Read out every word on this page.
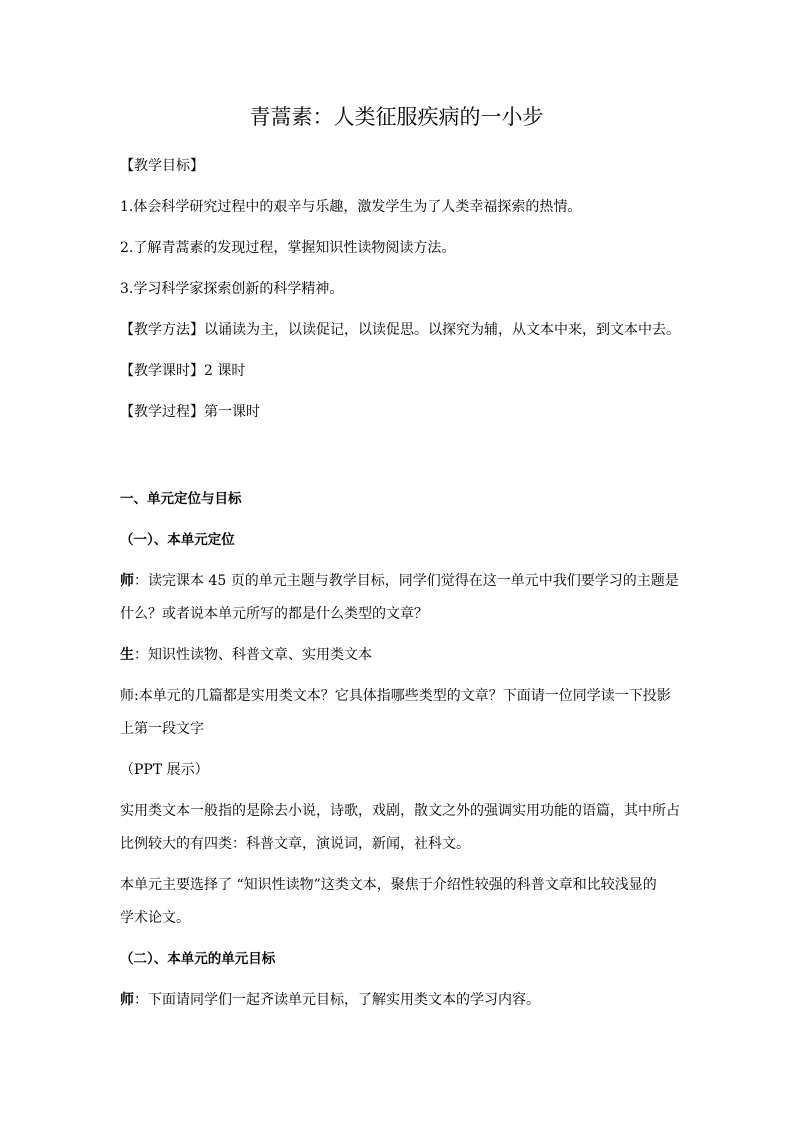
青蒿素：人类征服疾病的一小步
【教学目标】
1.体会科学研究过程中的艰辛与乐趣，激发学生为了人类幸福探索的热情。
2.了解青蒿素的发现过程，掌握知识性读物阅读方法。
3.学习科学家探索创新的科学精神。
【教学方法】以诵读为主，以读促记，以读促思。以探究为辅，从文本中来，到文本中去。
【教学课时】2 课时
【教学过程】第一课时
一、单元定位与目标
（一）、本单元定位
师：读完课本 45 页的单元主题与教学目标，同学们觉得在这一单元中我们要学习的主题是
什么？或者说本单元所写的都是什么类型的文章？
生：知识性读物、科普文章、实用类文本
师:本单元的几篇都是实用类文本？它具体指哪些类型的文章？下面请一位同学读一下投影
上第一段文字
（PPT 展示）
实用类文本一般指的是除去小说，诗歌，戏剧，散文之外的强调实用功能的语篇，其中所占
比例较大的有四类：科普文章，演说词，新闻，社科文。
本单元主要选择了 “知识性读物”这类文本，聚焦于介绍性较强的科普文章和比较浅显的
学术论文。
（二）、本单元的单元目标
师：下面请同学们一起齐读单元目标，了解实用类文本的学习内容。
